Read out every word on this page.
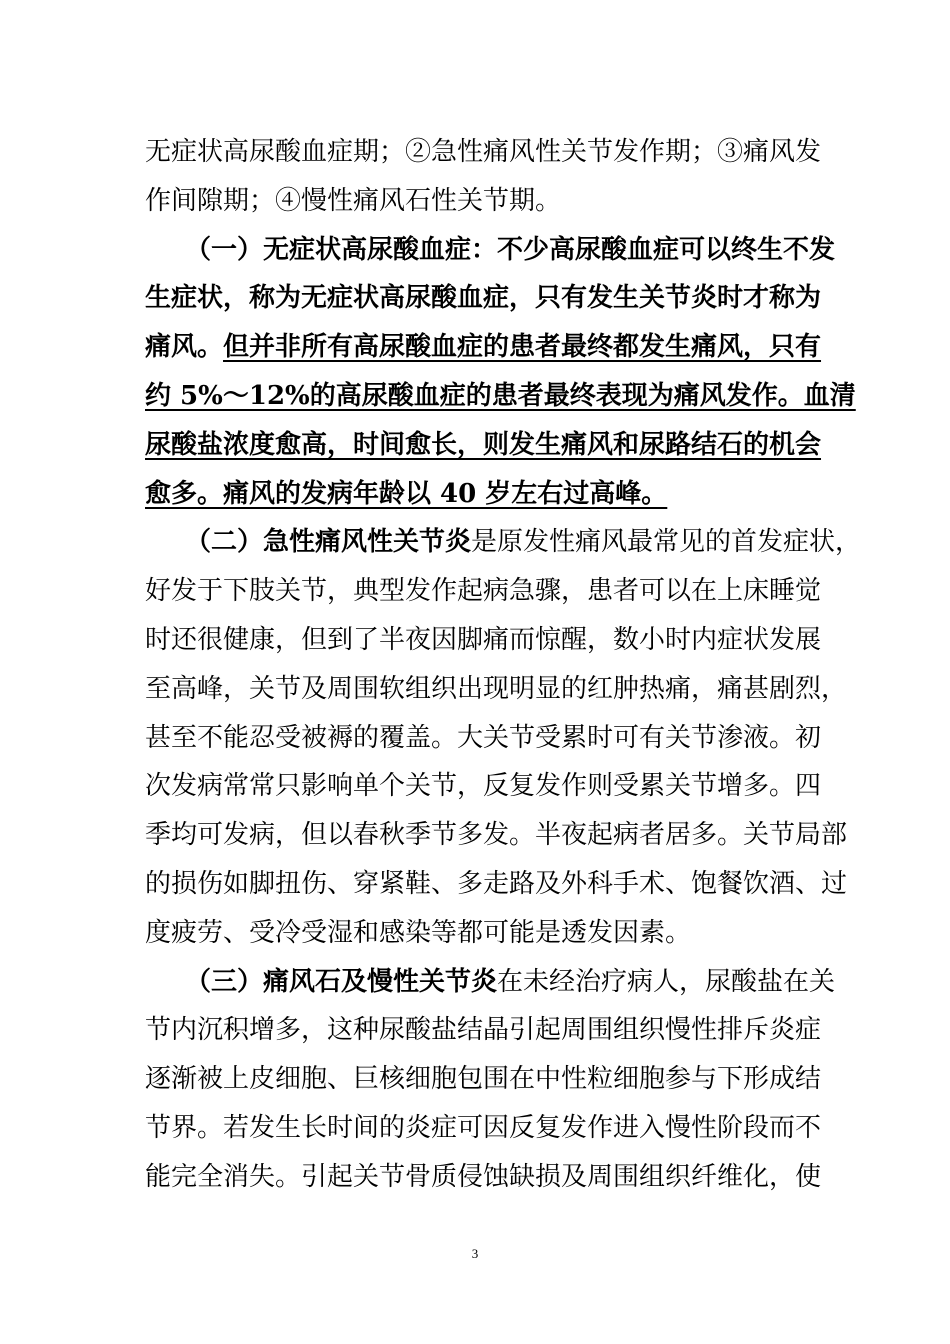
无症状高尿酸血症期；②急性痛风性关节发作期；③痛风发
作间隙期；④慢性痛风石性关节期。
（一）无症状高尿酸血症：不少高尿酸血症可以终生不发
生症状，称为无症状高尿酸血症，只有发生关节炎时才称为
痛风。但并非所有高尿酸血症的患者最终都发生痛风，只有
约 5%～12%的高尿酸血症的患者最终表现为痛风发作。血清
尿酸盐浓度愈高，时间愈长，则发生痛风和尿路结石的机会
愈多。痛风的发病年龄以 40 岁左右过高峰。
（二）急性痛风性关节炎是原发性痛风最常见的首发症状，
好发于下肢关节，典型发作起病急骤，患者可以在上床睡觉
时还很健康，但到了半夜因脚痛而惊醒，数小时内症状发展
至高峰，关节及周围软组织出现明显的红肿热痛，痛甚剧烈，
甚至不能忍受被褥的覆盖。大关节受累时可有关节渗液。初
次发病常常只影响单个关节，反复发作则受累关节增多。四
季均可发病，但以春秋季节多发。半夜起病者居多。关节局部
的损伤如脚扭伤、穿紧鞋、多走路及外科手术、饱餐饮酒、过
度疲劳、受冷受湿和感染等都可能是透发因素。
（三）痛风石及慢性关节炎在未经治疗病人，尿酸盐在关
节内沉积增多，这种尿酸盐结晶引起周围组织慢性排斥炎症
逐渐被上皮细胞、巨核细胞包围在中性粒细胞参与下形成结
节界。若发生长时间的炎症可因反复发作进入慢性阶段而不
能完全消失。引起关节骨质侵蚀缺损及周围组织纤维化，使
3
